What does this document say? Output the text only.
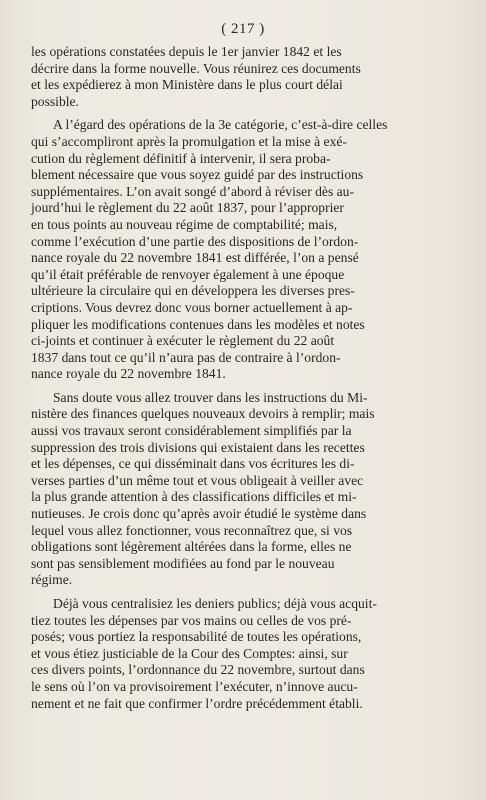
( 217 )

les opérations constatées depuis le 1er janvier 1842 et les
décrire dans la forme nouvelle. Vous réunirez ces documents
et les expédierez à mon Ministère dans le plus court délai
possible.

A l’égard des opérations de la 3e catégorie, c’est-à-dire celles
qui s’accompliront après la promulgation et la mise à exé-
cution du règlement définitif à intervenir, il sera proba-
blement nécessaire que vous soyez guidé par des instructions
supplémentaires. L’on avait songé d’abord à réviser dès au-
jourd’hui le règlement du 22 août 1837, pour l’approprier
en tous points au nouveau régime de comptabilité; mais,
comme l’exécution d’une partie des dispositions de l’ordon-
nance royale du 22 novembre 1841 est différée, l’on a pensé
qu’il était préférable de renvoyer également à une époque
ultérieure la circulaire qui en développera les diverses pres-
criptions. Vous devrez donc vous borner actuellement à ap-
pliquer les modifications contenues dans les modèles et notes
ci-joints et continuer à exécuter le règlement du 22 août
1837 dans tout ce qu’il n’aura pas de contraire à l’ordon-
nance royale du 22 novembre 1841.

Sans doute vous allez trouver dans les instructions du Mi-
nistère des finances quelques nouveaux devoirs à remplir; mais
aussi vos travaux seront considérablement simplifiés par la
suppression des trois divisions qui existaient dans les recettes
et les dépenses, ce qui disséminait dans vos écritures les di-
verses parties d’un même tout et vous obligeait à veiller avec
la plus grande attention à des classifications difficiles et mi-
nutieuses. Je crois donc qu’après avoir étudié le système dans
lequel vous allez fonctionner, vous reconnaîtrez que, si vos
obligations sont légèrement altérées dans la forme, elles ne
sont pas sensiblement modifiées au fond par le nouveau
régime.

Déjà vous centralisiez les deniers publics; déjà vous acquit-
tiez toutes les dépenses par vos mains ou celles de vos pré-
posés; vous portiez la responsabilité de toutes les opérations,
et vous étiez justiciable de la Cour des Comptes: ainsi, sur
ces divers points, l’ordonnance du 22 novembre, surtout dans
le sens où l’on va provisoirement l’exécuter, n’innove aucu-
nement et ne fait que confirmer l’ordre précédemment établi.
